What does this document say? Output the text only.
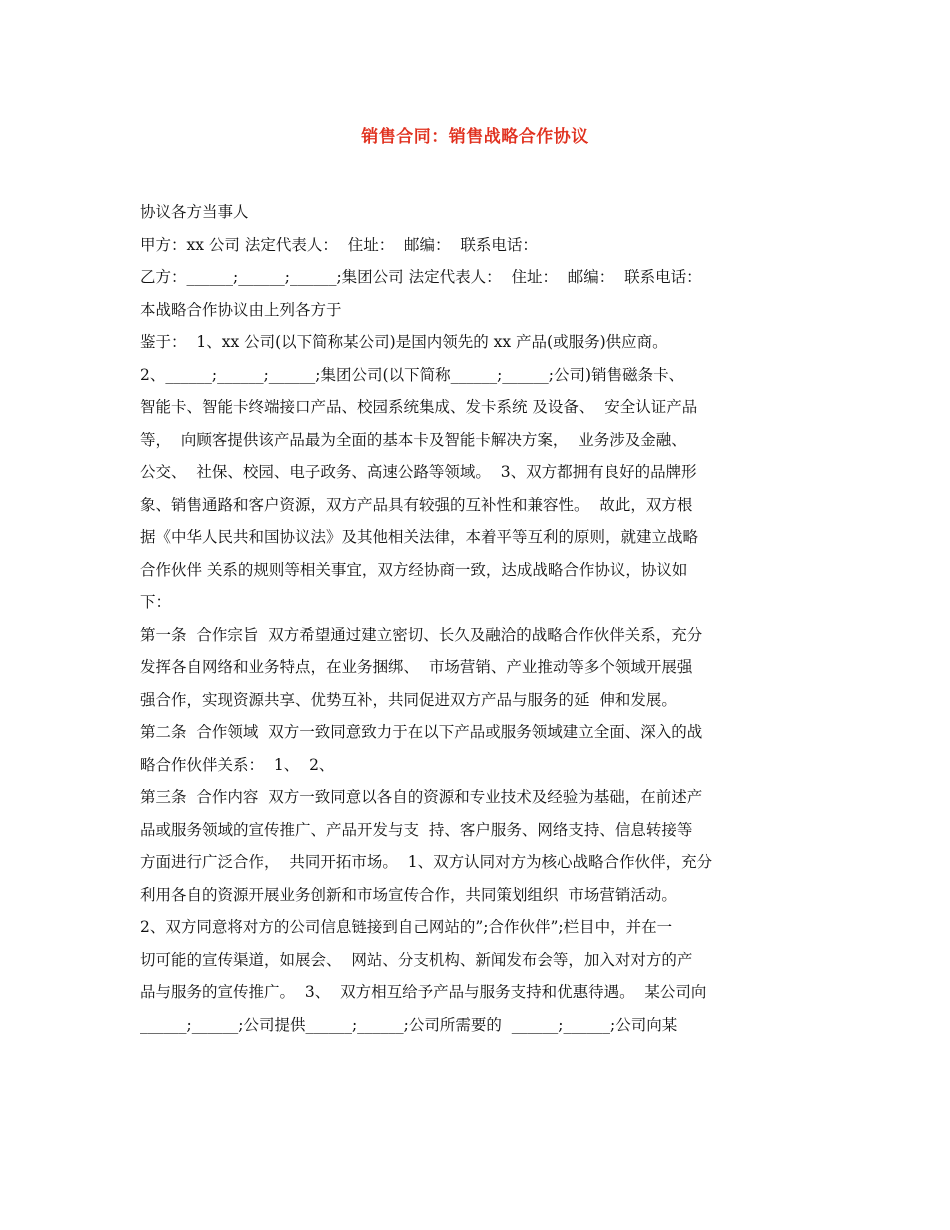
销售合同：销售战略合作协议
协议各方当事人
甲方：xx 公司 法定代表人：  住址：  邮编：  联系电话：
乙方：______;______;______;集团公司 法定代表人：  住址：  邮编：  联系电话：
本战略合作协议由上列各方于
鉴于：  1、xx 公司(以下简称某公司)是国内领先的 xx 产品(或服务)供应商。
2、______;______;______;集团公司(以下简称______;______;公司)销售磁条卡、
智能卡、智能卡终端接口产品、校园系统集成、发卡系统 及设备、  安全认证产品
等，  向顾客提供该产品最为全面的基本卡及智能卡解决方案，  业务涉及金融、
公交、  社保、校园、电子政务、高速公路等领域。  3、双方都拥有良好的品牌形
象、销售通路和客户资源，双方产品具有较强的互补性和兼容性。  故此，双方根
据《中华人民共和国协议法》及其他相关法律，本着平等互利的原则，就建立战略
合作伙伴 关系的规则等相关事宜，双方经协商一致，达成战略合作协议，协议如
下：
第一条  合作宗旨  双方希望通过建立密切、长久及融洽的战略合作伙伴关系，充分
发挥各自网络和业务特点，在业务捆绑、  市场营销、产业推动等多个领域开展强
强合作，实现资源共享、优势互补，共同促进双方产品与服务的延  伸和发展。
第二条  合作领域  双方一致同意致力于在以下产品或服务领域建立全面、深入的战
略合作伙伴关系：  1、  2、
第三条  合作内容  双方一致同意以各自的资源和专业技术及经验为基础，在前述产
品或服务领域的宣传推广、产品开发与支  持、客户服务、网络支持、信息转接等
方面进行广泛合作，  共同开拓市场。  1、双方认同对方为核心战略合作伙伴，充分
利用各自的资源开展业务创新和市场宣传合作，共同策划组织  市场营销活动。
2、双方同意将对方的公司信息链接到自己网站的”;合作伙伴”;栏目中，并在一
切可能的宣传渠道，如展会、  网站、分支机构、新闻发布会等，加入对对方的产
品与服务的宣传推广。  3、  双方相互给予产品与服务支持和优惠待遇。  某公司向
______;______;公司提供______;______;公司所需要的  ______;______;公司向某
